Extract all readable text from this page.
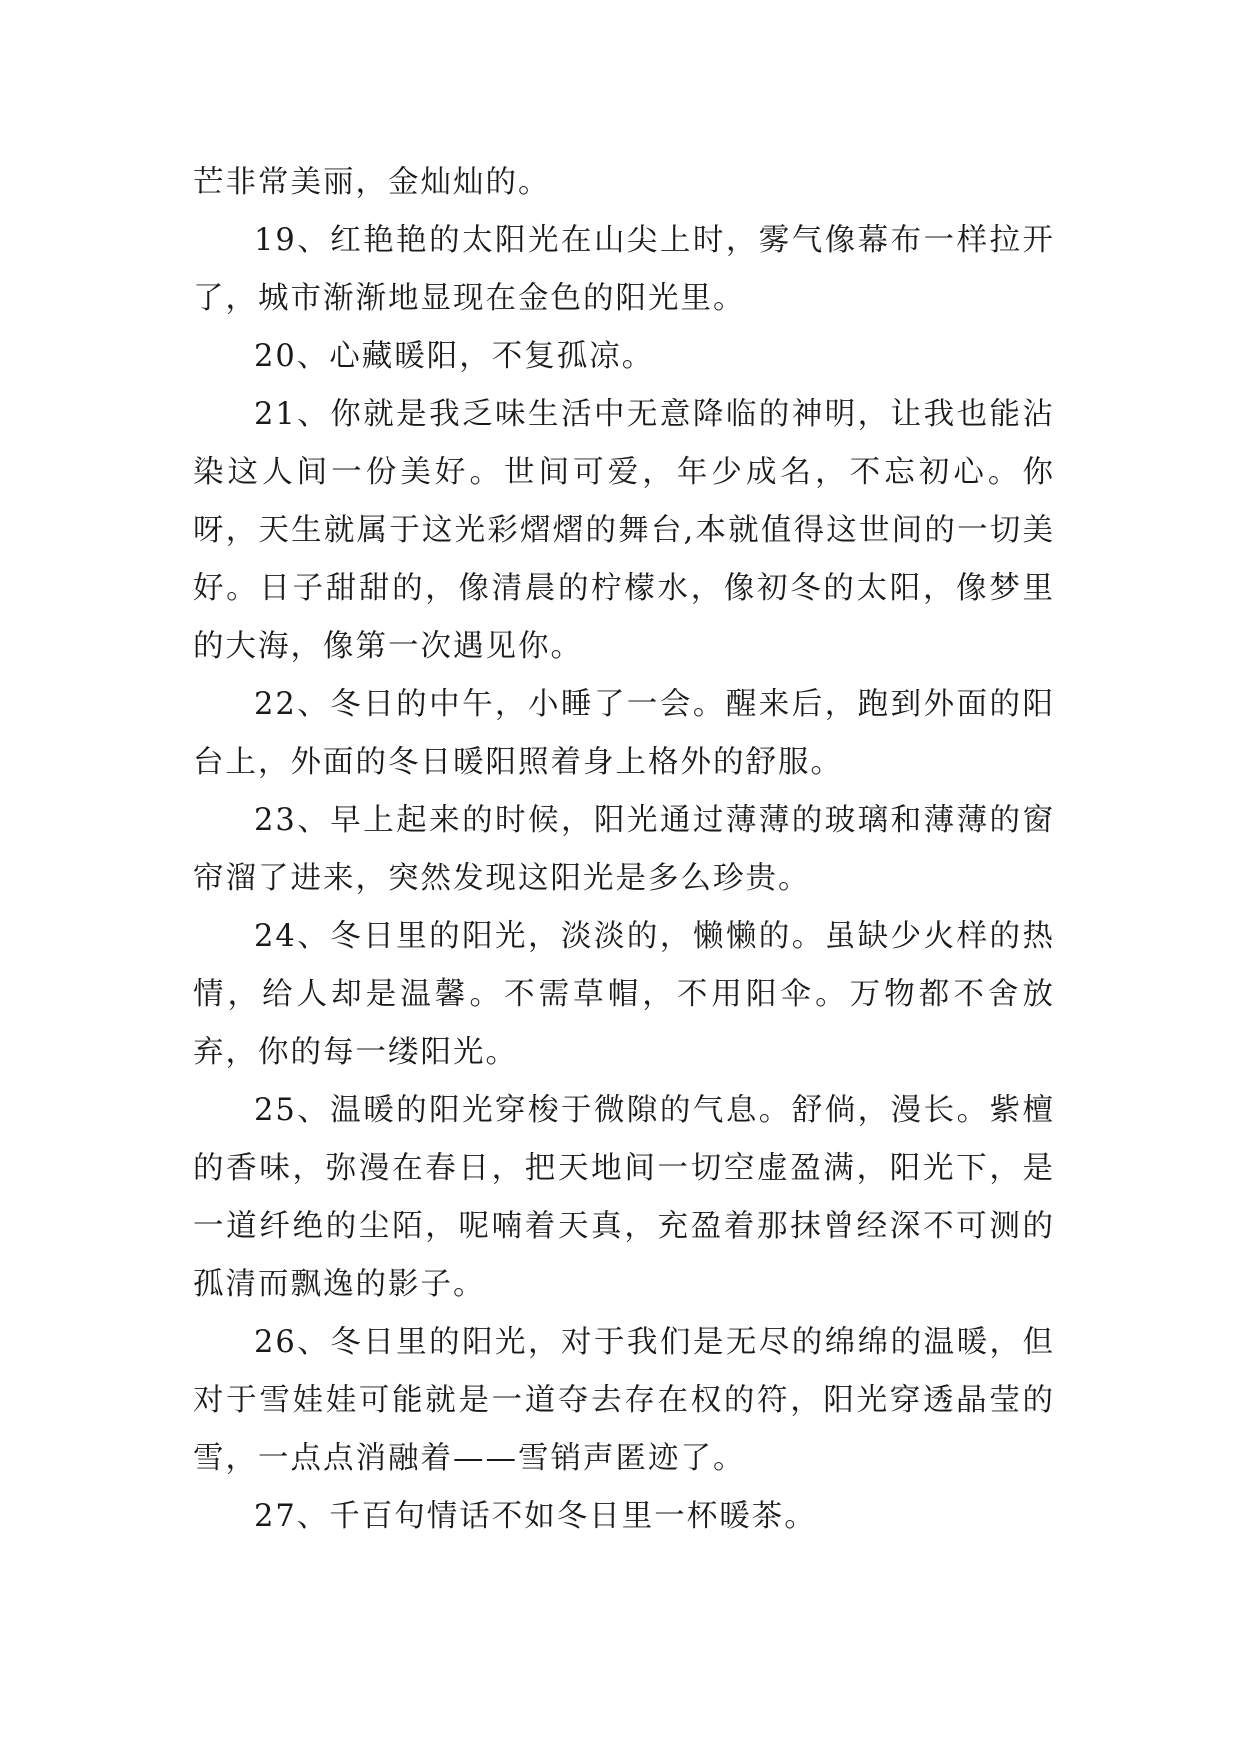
芒非常美丽，金灿灿的。

19、红艳艳的太阳光在山尖上时，雾气像幕布一样拉开了，城市渐渐地显现在金色的阳光里。

20、心藏暖阳，不复孤凉。

21、你就是我乏味生活中无意降临的神明，让我也能沾染这人间一份美好。世间可爱，年少成名，不忘初心。你呀，天生就属于这光彩熠熠的舞台,本就值得这世间的一切美好。日子甜甜的，像清晨的柠檬水，像初冬的太阳，像梦里的大海，像第一次遇见你。

22、冬日的中午，小睡了一会。醒来后，跑到外面的阳台上，外面的冬日暖阳照着身上格外的舒服。

23、早上起来的时候，阳光通过薄薄的玻璃和薄薄的窗帘溜了进来，突然发现这阳光是多么珍贵。

24、冬日里的阳光，淡淡的，懒懒的。虽缺少火样的热情，给人却是温馨。不需草帽，不用阳伞。万物都不舍放弃，你的每一缕阳光。

25、温暖的阳光穿梭于微隙的气息。舒倘，漫长。紫檀的香味，弥漫在春日，把天地间一切空虚盈满，阳光下，是一道纤绝的尘陌，呢喃着天真，充盈着那抹曾经深不可测的孤清而飘逸的影子。

26、冬日里的阳光，对于我们是无尽的绵绵的温暖，但对于雪娃娃可能就是一道夺去存在权的符，阳光穿透晶莹的雪，一点点消融着——雪销声匿迹了。

27、千百句情话不如冬日里一杯暖茶。
